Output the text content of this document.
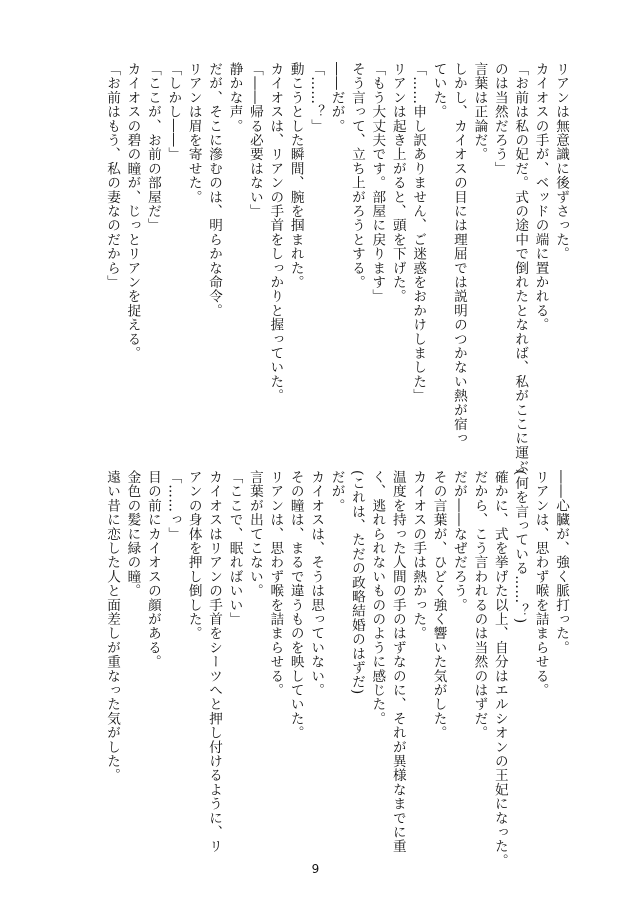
リアンは無意識に後ずさった。
カイオスの手が、ベッドの端に置かれる。
「お前は私の妃だ。式の途中で倒れたとなれば、私がここに運ぶ
のは当然だろう」
言葉は正論だ。
しかし、カイオスの目には理屈では説明のつかない熱が宿っ
ていた。
「……申し訳ありません、ご迷惑をおかけしました」
リアンは起き上がると、頭を下げた。
「もう大丈夫です。部屋に戻ります」
そう言って、立ち上がろうとする。
――だが。
「……？」
動こうとした瞬間、腕を掴まれた。
カイオスは、リアンの手首をしっかりと握っていた。
「――帰る必要はない」
静かな声。
だが、そこに滲むのは、明らかな命令。
リアンは眉を寄せた。
「しかし――」
「ここが、お前の部屋だ」
カイオスの碧の瞳が、じっとリアンを捉える。
「お前はもう、私の妻なのだから」
――心臓が、強く脈打った。
リアンは、思わず喉を詰まらせる。
(何を言っている……？)
確かに、式を挙げた以上、自分はエルシオンの王妃になった。
だから、こう言われるのは当然のはずだ。
だが――なぜだろう。
その言葉が、ひどく強く響いた気がした。
カイオスの手は熱かった。
温度を持った人間の手のはずなのに、それが異様なまでに重
く、逃れられないもののように感じた。
(これは、ただの政略結婚のはずだ)
だが。
カイオスは、そうは思っていない。
その瞳は、まるで違うものを映していた。
リアンは、思わず喉を詰まらせる。
言葉が出てこない。
「ここで、眠ればいい」
カイオスはリアンの手首をシーツへと押し付けるように、リ
アンの身体を押し倒した。
「……っ」
目の前にカイオスの顔がある。
金色の髪に緑の瞳。
遠い昔に恋した人と面差しが重なった気がした。
9
